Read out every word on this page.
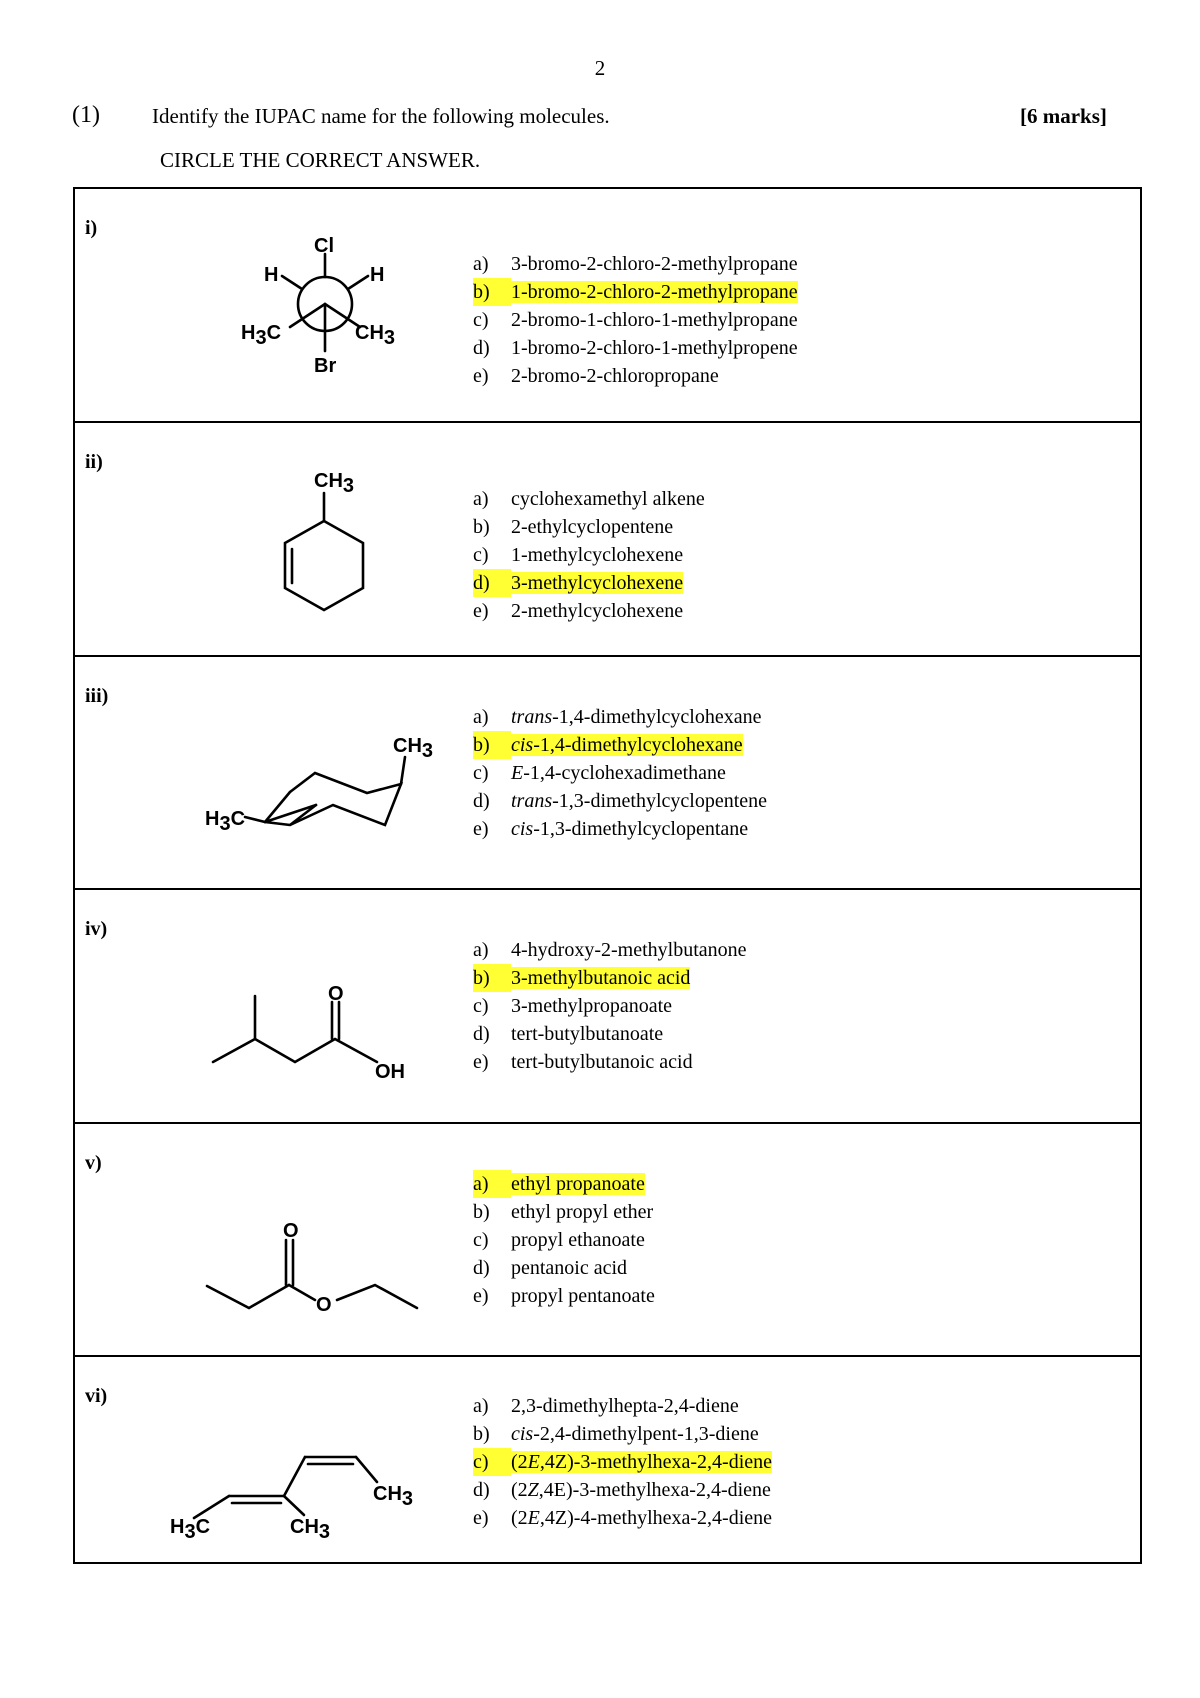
2
(1) Identify the IUPAC name for the following molecules.	[6 marks]
CIRCLE THE CORRECT ANSWER.
i)
Cl
Br
H	H
H3C	CH3
a) 3-bromo-2-chloro-2-methylpropane
b) 1-bromo-2-chloro-2-methylpropane
c) 2-bromo-1-chloro-1-methylpropane
d) 1-bromo-2-chloro-1-methylpropene
e) 2-bromo-2-chloropropane
ii)
CH3
a) cyclohexamethyl alkene
b) 2-ethylcyclopentene
c) 1-methylcyclohexene
d) 3-methylcyclohexene
e) 2-methylcyclohexene
iii)
CH3
H3C
a) trans-1,4-dimethylcyclohexane
b) cis-1,4-dimethylcyclohexane
c) E-1,4-cyclohexadimethane
d) trans-1,3-dimethylcyclopentene
e) cis-1,3-dimethylcyclopentane
iv)
O
OH
a) 4-hydroxy-2-methylbutanone
b) 3-methylbutanoic acid
c) 3-methylpropanoate
d) tert-butylbutanoate
e) tert-butylbutanoic acid
v)
O
O
a) ethyl propanoate
b) ethyl propyl ether
c) propyl ethanoate
d) pentanoic acid
e) propyl pentanoate
vi)
H3C	CH3
CH3
a) 2,3-dimethylhepta-2,4-diene
b) cis-2,4-dimethylpent-1,3-diene
c) (2E,4Z)-3-methylhexa-2,4-diene
d) (2Z,4E)-3-methylhexa-2,4-diene
e) (2E,4Z)-4-methylhexa-2,4-diene
